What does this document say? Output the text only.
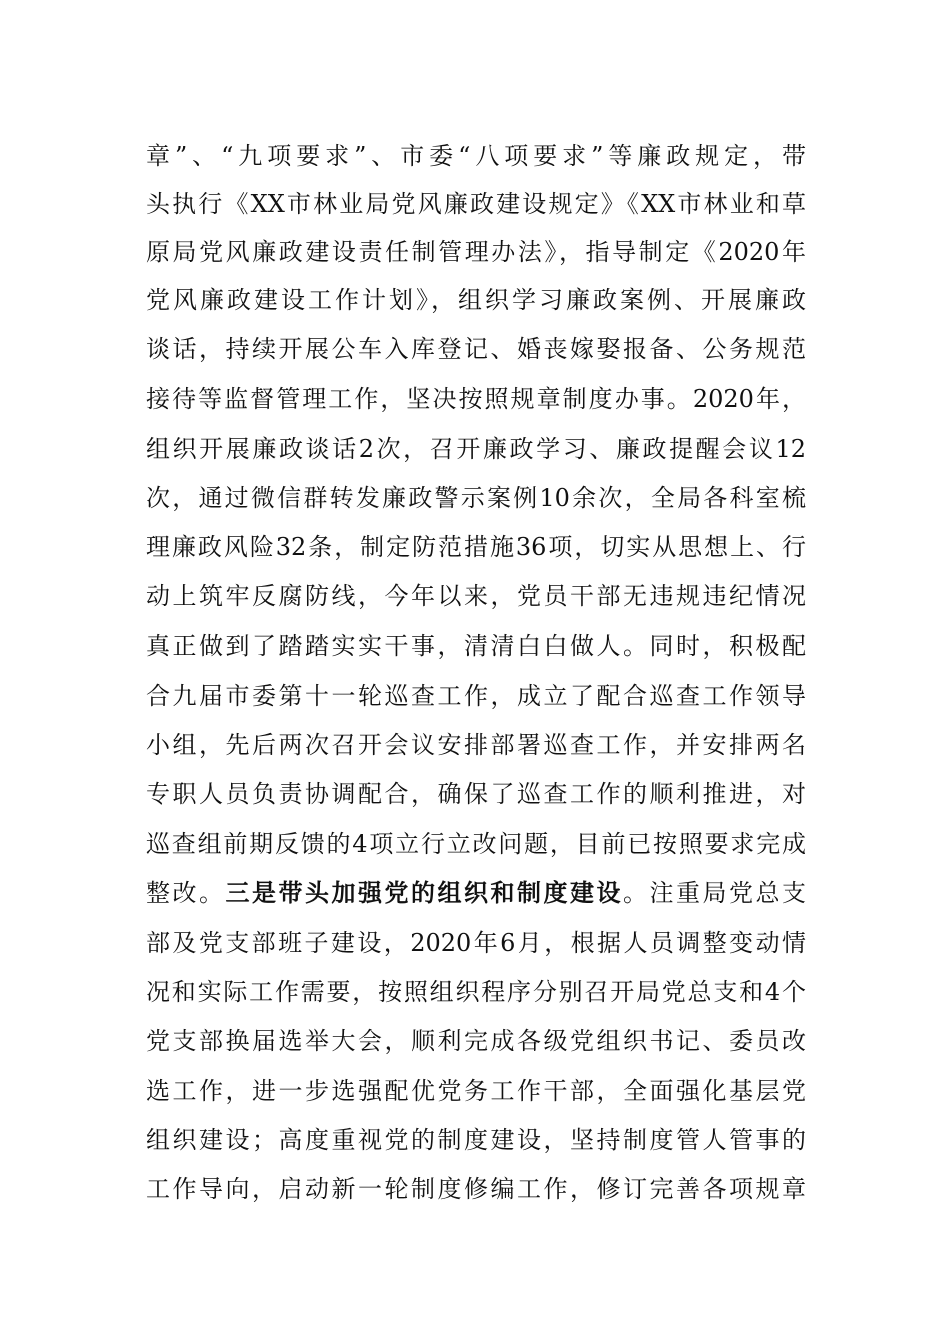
章”、“九项要求”、市委“八项要求”等廉政规定，带
头执行《XX市林业局党风廉政建设规定》《XX市林业和草
原局党风廉政建设责任制管理办法》，指导制定《2020年
党风廉政建设工作计划》，组织学习廉政案例、开展廉政
谈话，持续开展公车入库登记、婚丧嫁娶报备、公务规范
接待等监督管理工作，坚决按照规章制度办事。2020年，
组织开展廉政谈话2次，召开廉政学习、廉政提醒会议12
次，通过微信群转发廉政警示案例10余次，全局各科室梳
理廉政风险32条，制定防范措施36项，切实从思想上、行
动上筑牢反腐防线，今年以来，党员干部无违规违纪情况
真正做到了踏踏实实干事，清清白白做人。同时，积极配
合九届市委第十一轮巡查工作，成立了配合巡查工作领导
小组，先后两次召开会议安排部署巡查工作，并安排两名
专职人员负责协调配合，确保了巡查工作的顺利推进，对
巡查组前期反馈的4项立行立改问题，目前已按照要求完成
整改。三是带头加强党的组织和制度建设。注重局党总支
部及党支部班子建设，2020年6月，根据人员调整变动情
况和实际工作需要，按照组织程序分别召开局党总支和4个
党支部换届选举大会，顺利完成各级党组织书记、委员改
选工作，进一步选强配优党务工作干部，全面强化基层党
组织建设；高度重视党的制度建设，坚持制度管人管事的
工作导向，启动新一轮制度修编工作，修订完善各项规章
